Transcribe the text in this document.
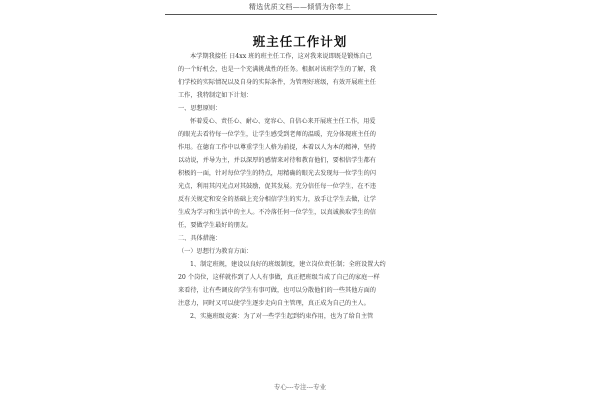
精选优质文档——倾情为你奉上
班主任工作计划
本学期我接任 日4xx 班的班主任工作，这对我来说即既是锻炼自己
的一个好机会，也是一个充满挑战性的任务。根据对该班学生的了解，我
们学校的实际情况以及自身的实际条件，为管理好班级，有效开展班主任
工作，我特制定如下计划：
一、思想原则：
怀着爱心、责任心、耐心、宽容心、自信心来开展班主任工作，用爱
的眼光去看待每一位学生，让学生感受到老师的温暖，充分体现班主任的
作用。在德育工作中以尊重学生人格为前提，本着以人为本的精神，坚持
以动说，并导为主，并以深厚的感情来对待和教育他们，要相信学生都有
积极的一面，针对每位学生的特点，用精确的眼光去发现每一位学生的闪
光点，利用其闪光点对其鼓励，促其发展。充分信任每一位学生，在不违
反有关规定和安全的基础上充分相信学生的实力，放手让学生去做，让学
生成为学习和生活中的主人。不冷落任何一位学生，以真诚换取学生的信
任，要做学生最好的朋友。
二、具体措施：
（一）思想行为教育方面：
1、制定班规，建设以良好的班级制度，建立岗位责任制；全班设置大约
20 个岗位，这样就作到了人人有事做，真正把班级当成了自己的家庭一样
来看待，让有些调皮的学生有事可做，也可以分散他们的一些其他方面的
注意力，同时又可以使学生逐步走向自主管理，真正成为自己的主人。
2、实施班级竞赛：为了对一些学生起到约束作用，也为了给自主管
专心---专注---专业
